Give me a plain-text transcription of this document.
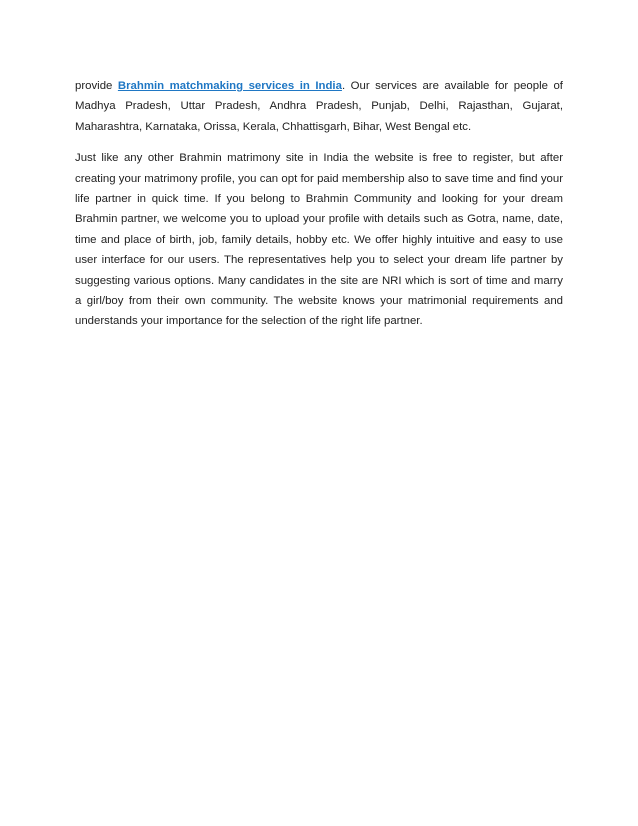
provide Brahmin matchmaking services in India. Our services are available for people of Madhya Pradesh, Uttar Pradesh, Andhra Pradesh, Punjab, Delhi, Rajasthan, Gujarat, Maharashtra, Karnataka, Orissa, Kerala, Chhattisgarh, Bihar, West Bengal etc.

Just like any other Brahmin matrimony site in India the website is free to register, but after creating your matrimony profile, you can opt for paid membership also to save time and find your life partner in quick time. If you belong to Brahmin Community and looking for your dream Brahmin partner, we welcome you to upload your profile with details such as Gotra, name, date, time and place of birth, job, family details, hobby etc. We offer highly intuitive and easy to use user interface for our users. The representatives help you to select your dream life partner by suggesting various options. Many candidates in the site are NRI which is sort of time and marry a girl/boy from their own community. The website knows your matrimonial requirements and understands your importance for the selection of the right life partner.
